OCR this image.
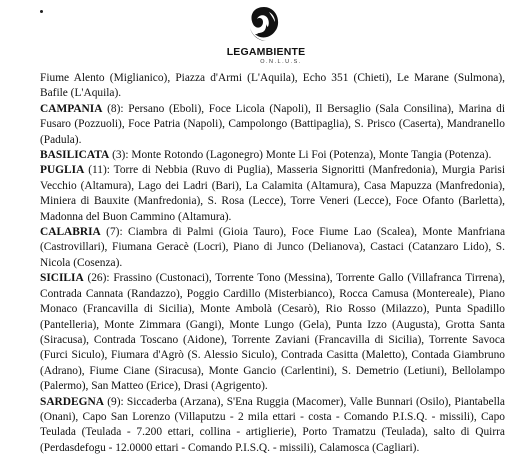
LEGAMBIENTE
O.N.L.U.S.

Fiume Alento (Miglianico), Piazza d'Armi (L'Aquila), Echo 351 (Chieti), Le Marane (Sulmona), Bafile (L'Aquila).

CAMPANIA (8): Persano (Eboli), Foce Licola (Napoli), Il Bersaglio (Sala Consilina), Marina di Fusaro (Pozzuoli), Foce Patria (Napoli), Campolongo (Battipaglia), S. Prisco (Caserta), Mandranello (Padula).

BASILICATA (3): Monte Rotondo (Lagonegro) Monte Li Foi (Potenza), Monte Tangia (Potenza).

PUGLIA (11): Torre di Nebbia (Ruvo di Puglia), Masseria Signoritti (Manfredonia), Murgia Parisi Vecchio (Altamura), Lago dei Ladri (Bari), La Calamita (Altamura), Casa Mapuzza (Manfredonia), Miniera di Bauxite (Manfredonia), S. Rosa (Lecce), Torre Veneri (Lecce), Foce Ofanto (Barletta), Madonna del Buon Cammino (Altamura).

CALABRIA (7): Ciambra di Palmi (Gioia Tauro), Foce Fiume Lao (Scalea), Monte Manfriana (Castrovillari), Fiumana Geracè (Locri), Piano di Junco (Delianova), Castaci (Catanzaro Lido), S. Nicola (Cosenza).

SICILIA (26): Frassino (Custonaci), Torrente Tono (Messina), Torrente Gallo (Villafranca Tirrena), Contrada Cannata (Randazzo), Poggio Cardillo (Misterbianco), Rocca Camusa (Montereale), Piano Monaco (Francavilla di Sicilia), Monte Ambolà (Cesarò), Rio Rosso (Milazzo), Punta Spadillo (Pantelleria), Monte Zimmara (Gangi), Monte Lungo (Gela), Punta Izzo (Augusta), Grotta Santa (Siracusa), Contrada Toscano (Aidone), Torrente Zaviani (Francavilla di Sicilia), Torrente Savoca (Furci Siculo), Fiumara d'Agrò (S. Alessio Siculo), Contrada Casitta (Maletto), Contada Giambruno (Adrano), Fiume Ciane (Siracusa), Monte Gancio (Carlentini), S. Demetrio (Letiuni), Bellolampo (Palermo), San Matteo (Erice), Drasi (Agrigento).

SARDEGNA (9): Siccaderba (Arzana), S'Ena Ruggia (Macomer), Valle Bunnari (Osilo), Piantabella (Onani), Capo San Lorenzo (Villaputzu - 2 mila ettari - costa - Comando P.I.S.Q. - missili), Capo Teulada (Teulada - 7.200 ettari, collina - artiglierie), Porto Tramatzu (Teulada), salto di Quirra (Perdasdefogu - 12.0000 ettari - Comando P.I.S.Q. - missili), Calamosca (Cagliari).
